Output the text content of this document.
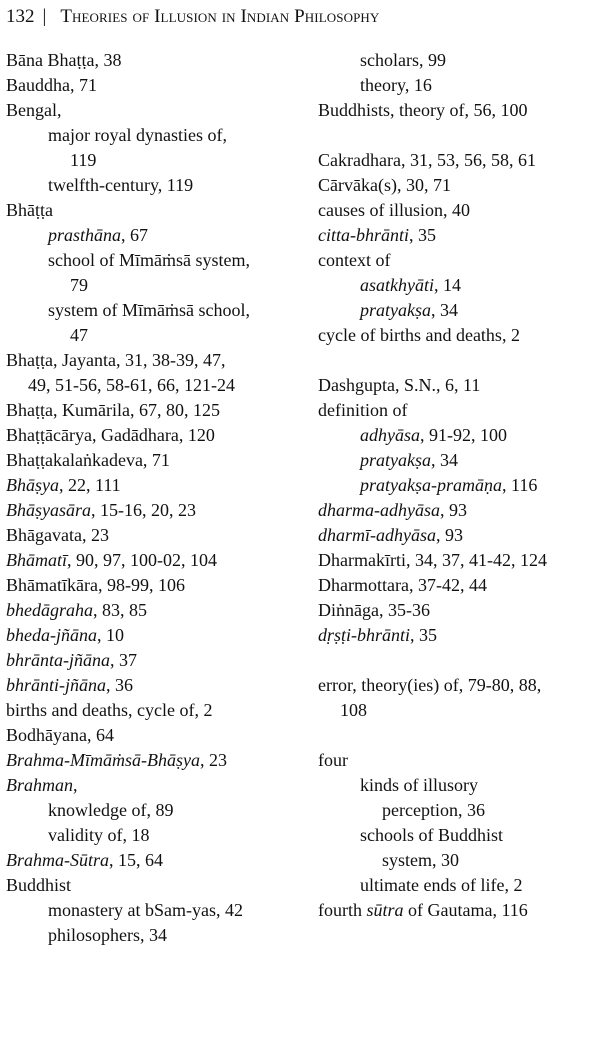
132 | Theories of Illusion in Indian Philosophy
Bāna Bhaṭṭa, 38
Bauddha, 71
Bengal,
major royal dynasties of,
119
twelfth-century, 119
Bhāṭṭa
prasthāna, 67
school of Mīmāṁsā system,
79
system of Mīmāṁsā school,
47
Bhaṭṭa, Jayanta, 31, 38-39, 47,
49, 51-56, 58-61, 66, 121-24
Bhaṭṭa, Kumārila, 67, 80, 125
Bhaṭṭācārya, Gadādhara, 120
Bhaṭṭakalaṅkadeva, 71
Bhāṣya, 22, 111
Bhāṣyasāra, 15-16, 20, 23
Bhāgavata, 23
Bhāmatī, 90, 97, 100-02, 104
Bhāmatīkāra, 98-99, 106
bhedāgraha, 83, 85
bheda-jñāna, 10
bhrānta-jñāna, 37
bhrānti-jñāna, 36
births and deaths, cycle of, 2
Bodhāyana, 64
Brahma-Mīmāṁsā-Bhāṣya, 23
Brahman,
knowledge of, 89
validity of, 18
Brahma-Sūtra, 15, 64
Buddhist
monastery at bSam-yas, 42
philosophers, 34
scholars, 99
theory, 16
Buddhists, theory of, 56, 100
Cakradhara, 31, 53, 56, 58, 61
Cārvāka(s), 30, 71
causes of illusion, 40
citta-bhrānti, 35
context of
asatkhyāti, 14
pratyakṣa, 34
cycle of births and deaths, 2
Dashgupta, S.N., 6, 11
definition of
adhyāsa, 91-92, 100
pratyakṣa, 34
pratyakṣa-pramāṇa, 116
dharma-adhyāsa, 93
dharmī-adhyāsa, 93
Dharmakīrti, 34, 37, 41-42, 124
Dharmottara, 37-42, 44
Diṅnāga, 35-36
dṛṣṭi-bhrānti, 35
error, theory(ies) of, 79-80, 88,
108
four
kinds of illusory
perception, 36
schools of Buddhist
system, 30
ultimate ends of life, 2
fourth sūtra of Gautama, 116
